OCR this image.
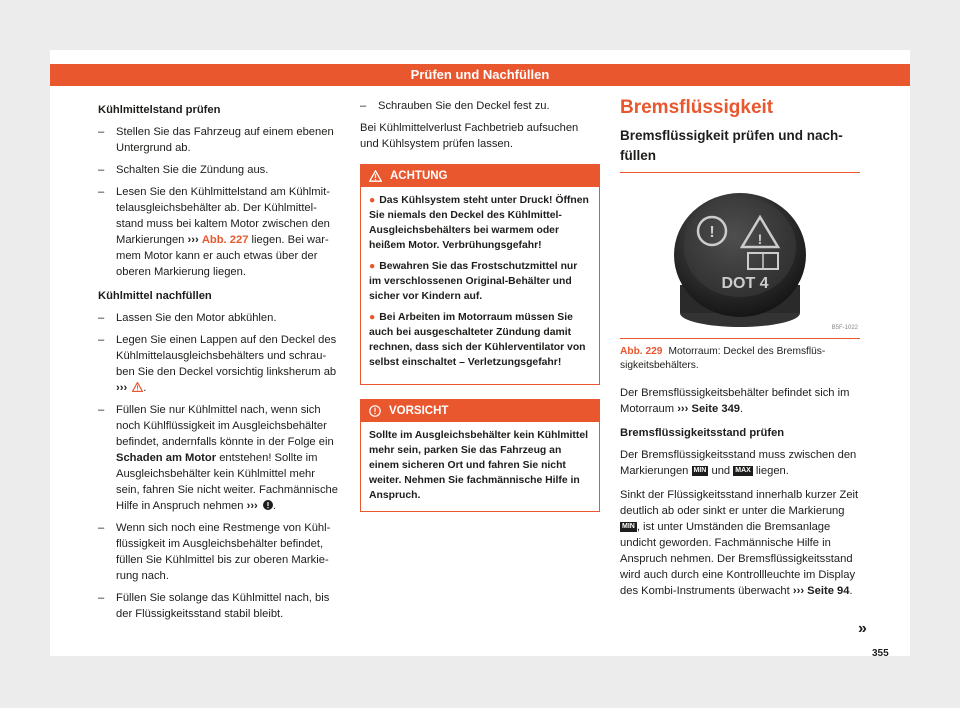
Prüfen und Nachfüllen
Kühlmittelstand prüfen
– Stellen Sie das Fahrzeug auf einem ebenen Untergrund ab.
– Schalten Sie die Zündung aus.
– Lesen Sie den Kühlmittelstand am Kühlmittelausgleichsbehälter ab. Der Kühlmittelstand muss bei kaltem Motor zwischen den Markierungen ››› Abb. 227 liegen. Bei warmem Motor kann er auch etwas über der oberen Markierung liegen.
Kühlmittel nachfüllen
– Lassen Sie den Motor abkühlen.
– Legen Sie einen Lappen auf den Deckel des Kühlmittelausgleichsbehälters und schrauben Sie den Deckel vorsichtig linksherum ab ››› .
– Füllen Sie nur Kühlmittel nach, wenn sich noch Kühlflüssigkeit im Ausgleichsbehälter befindet, andernfalls könnte in der Folge ein Schaden am Motor entstehen! Sollte im Ausgleichsbehälter kein Kühlmittel mehr sein, fahren Sie nicht weiter. Fachmännische Hilfe in Anspruch nehmen ››› .
– Wenn sich noch eine Restmenge von Kühlflüssigkeit im Ausgleichsbehälter befindet, füllen Sie Kühlmittel bis zur oberen Markierung nach.
– Füllen Sie solange das Kühlmittel nach, bis der Flüssigkeitsstand stabil bleibt.
– Schrauben Sie den Deckel fest zu.
Bei Kühlmittelverlust Fachbetrieb aufsuchen und Kühlsystem prüfen lassen.
ACHTUNG
● Das Kühlsystem steht unter Druck! Öffnen Sie niemals den Deckel des Kühlmittel-Ausgleichsbehälters bei warmem oder heißem Motor. Verbrühungsgefahr!
● Bewahren Sie das Frostschutzmittel nur im verschlossenen Original-Behälter und sicher vor Kindern auf.
● Bei Arbeiten im Motorraum müssen Sie auch bei ausgeschalteter Zündung damit rechnen, dass sich der Kühlerventilator von selbst einschaltet – Verletzungsgefahr!
VORSICHT
Sollte im Ausgleichsbehälter kein Kühlmittel mehr sein, parken Sie das Fahrzeug an einem sicheren Ort und fahren Sie nicht weiter. Nehmen Sie fachmännische Hilfe in Anspruch.
Bremsflüssigkeit
Bremsflüssigkeit prüfen und nachfüllen
!	!
DOT 4
B5F-1022
Abb. 229 Motorraum: Deckel des Bremsflüssigkeitsbehälters.
Der Bremsflüssigkeitsbehälter befindet sich im Motorraum ››› Seite 349.
Bremsflüssigkeitsstand prüfen
Der Bremsflüssigkeitsstand muss zwischen den Markierungen MIN und MAX liegen.
Sinkt der Flüssigkeitsstand innerhalb kurzer Zeit deutlich ab oder sinkt er unter die Markierung MIN , ist unter Umständen die Bremsanlage undicht geworden. Fachmännische Hilfe in Anspruch nehmen. Der Bremsflüssigkeitsstand wird auch durch eine Kontrollleuchte im Display des Kombi-Instruments überwacht ››› Seite 94.
»
355
